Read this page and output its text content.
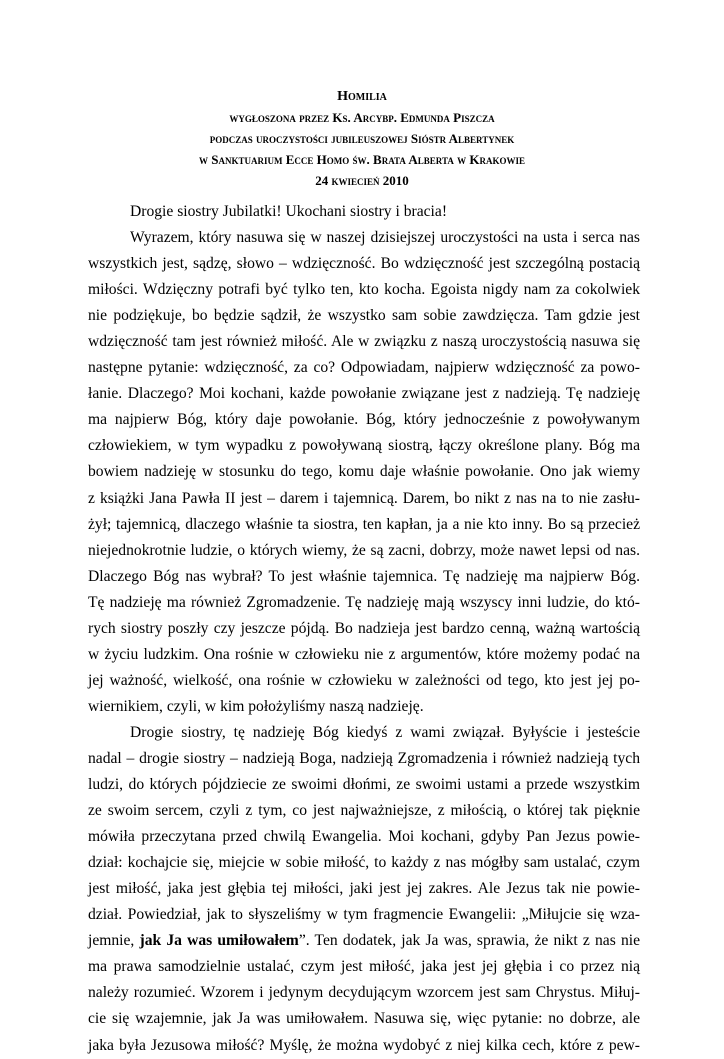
Homilia
wygłoszona przez Ks. Arcybp. Edmunda Piszcza
podczas uroczystości jubileuszowej Sióstr Albertynek
w Sanktuarium Ecce Homo św. Brata Alberta w Krakowie
24 kwiecień 2010
Drogie siostry Jubilatki! Ukochani siostry i bracia!
Wyrazem, który nasuwa się w naszej dzisiejszej uroczystości na usta i serca nas
wszystkich jest, sądzę, słowo – wdzięczność. Bo wdzięczność jest szczególną postacią
miłości. Wdzięczny potrafi być tylko ten, kto kocha. Egoista nigdy nam za cokolwiek
nie podziękuje, bo będzie sądził, że wszystko sam sobie zawdzięcza. Tam gdzie jest
wdzięczność tam jest również miłość. Ale w związku z naszą uroczystością nasuwa się
następne pytanie: wdzięczność, za co? Odpowiadam, najpierw wdzięczność za powo-
łanie. Dlaczego? Moi kochani, każde powołanie związane jest z nadzieją. Tę nadzieję
ma najpierw Bóg, który daje powołanie. Bóg, który jednocześnie z powoływanym
człowiekiem, w tym wypadku z powoływaną siostrą, łączy określone plany. Bóg ma
bowiem nadzieję w stosunku do tego, komu daje właśnie powołanie. Ono jak wiemy
z książki Jana Pawła II jest – darem i tajemnicą. Darem, bo nikt z nas na to nie zasłu-
żył; tajemnicą, dlaczego właśnie ta siostra, ten kapłan, ja a nie kto inny. Bo są przecież
niejednokrotnie ludzie, o których wiemy, że są zacni, dobrzy, może nawet lepsi od nas.
Dlaczego Bóg nas wybrał? To jest właśnie tajemnica. Tę nadzieję ma najpierw Bóg.
Tę nadzieję ma również Zgromadzenie. Tę nadzieję mają wszyscy inni ludzie, do któ-
rych siostry poszły czy jeszcze pójdą. Bo nadzieja jest bardzo cenną, ważną wartością
w życiu ludzkim. Ona rośnie w człowieku nie z argumentów, które możemy podać na
jej ważność, wielkość, ona rośnie w człowieku w zależności od tego, kto jest jej po-
wiernikiem, czyli, w kim położyliśmy naszą nadzieję.
Drogie siostry, tę nadzieję Bóg kiedyś z wami związał. Byłyście i jesteście
nadal – drogie siostry – nadzieją Boga, nadzieją Zgromadzenia i również nadzieją tych
ludzi, do których pójdziecie ze swoimi dłońmi, ze swoimi ustami a przede wszystkim
ze swoim sercem, czyli z tym, co jest najważniejsze, z miłością, o której tak pięknie
mówiła przeczytana przed chwilą Ewangelia. Moi kochani, gdyby Pan Jezus powie-
dział: kochajcie się, miejcie w sobie miłość, to każdy z nas mógłby sam ustalać, czym
jest miłość, jaka jest głębia tej miłości, jaki jest jej zakres. Ale Jezus tak nie powie-
dział. Powiedział, jak to słyszeliśmy w tym fragmencie Ewangelii: „Miłujcie się wza-
jemnie, jak Ja was umiłowałem”. Ten dodatek, jak Ja was, sprawia, że nikt z nas nie
ma prawa samodzielnie ustalać, czym jest miłość, jaka jest jej głębia i co przez nią
należy rozumieć. Wzorem i jedynym decydującym wzorcem jest sam Chrystus. Miłuj-
cie się wzajemnie, jak Ja was umiłowałem. Nasuwa się, więc pytanie: no dobrze, ale
jaka była Jezusowa miłość? Myślę, że można wydobyć z niej kilka cech, które z pew-
